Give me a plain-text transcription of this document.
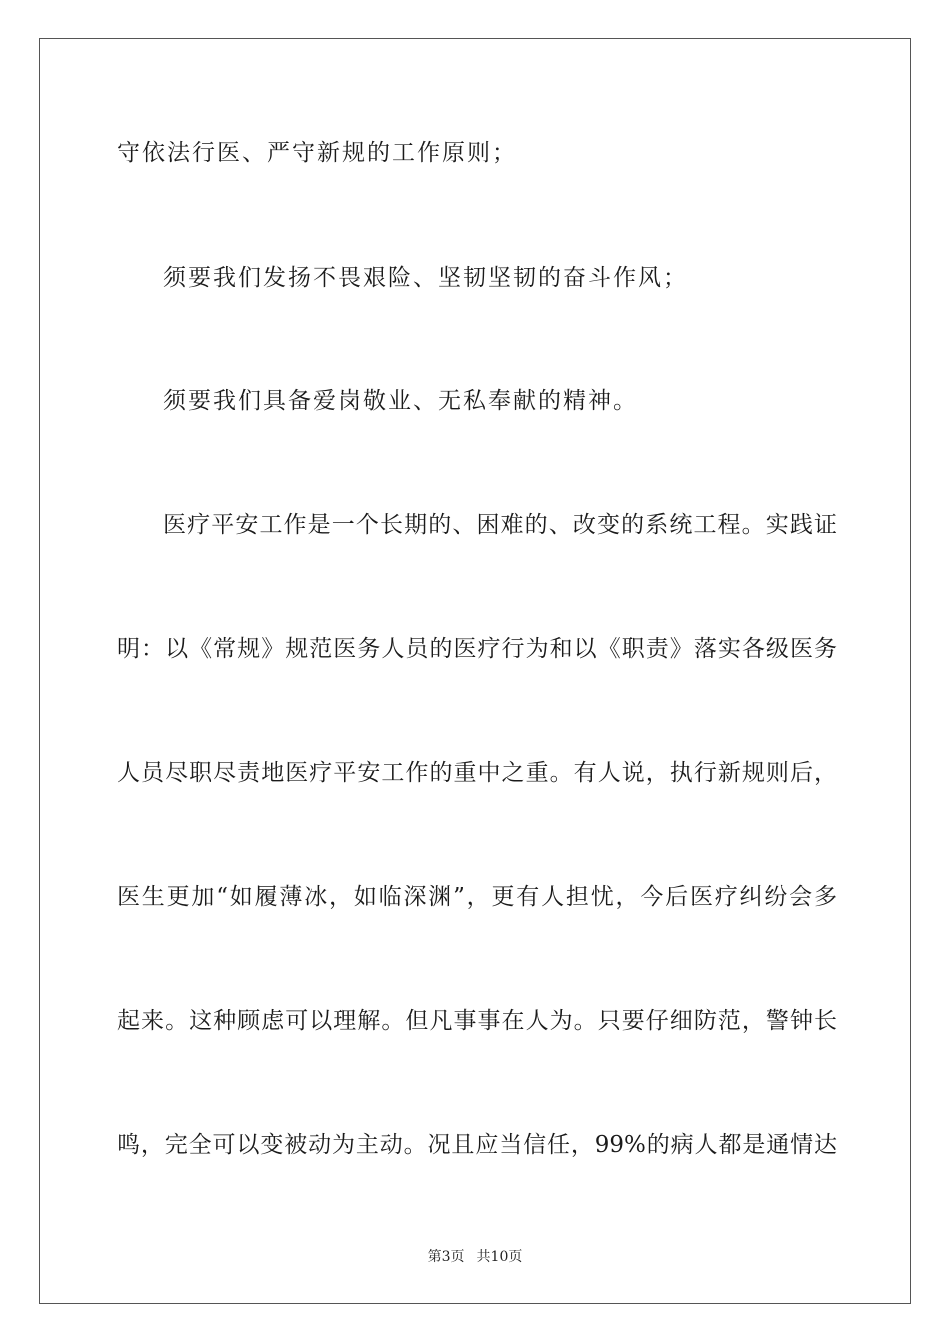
守依法行医、严守新规的工作原则；
须要我们发扬不畏艰险、坚韧坚韧的奋斗作风；
须要我们具备爱岗敬业、无私奉献的精神。
医疗平安工作是一个长期的、困难的、改变的系统工程。实践证
明：以《常规》规范医务人员的医疗行为和以《职责》落实各级医务
人员尽职尽责地医疗平安工作的重中之重。有人说，执行新规则后，
医生更加“如履薄冰，如临深渊”，更有人担忧，今后医疗纠纷会多
起来。这种顾虑可以理解。但凡事事在人为。只要仔细防范，警钟长
鸣，完全可以变被动为主动。况且应当信任，99%的病人都是通情达
第3页 共10页
